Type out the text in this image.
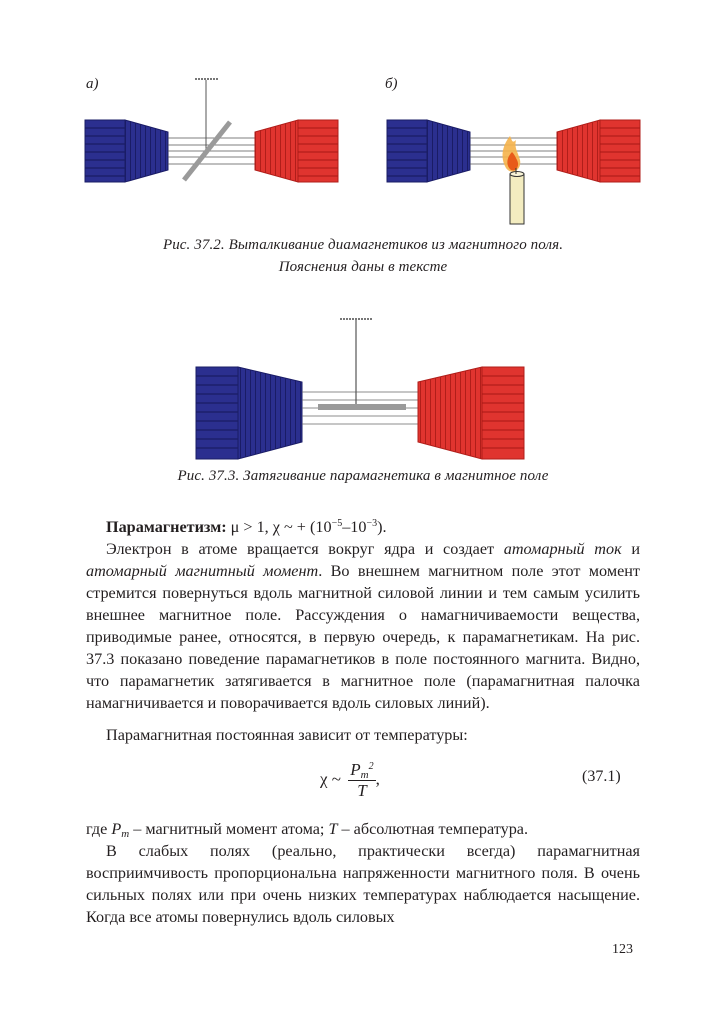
а)	б)
Рис. 37.2. Выталкивание диамагнетиков из магнитного поля.
Пояснения даны в тексте
Рис. 37.3. Затягивание парамагнетика в магнитное поле
Парамагнетизм: μ > 1, χ ~ + $(10^{-5}-10^{-3})$.
Электрон в атоме вращается вокруг ядра и создает атомарный ток и атомарный магнитный момент. Во внешнем магнитном поле этот момент стремится повернуться вдоль магнитной силовой линии и тем самым усилить внешнее магнитное поле. Рассуждения о намагничиваемости вещества, приводимые ранее, относятся, в первую очередь, к парамагнетикам. На рис. 37.3 показано поведение парамагнетиков в поле постоянного магнита. Видно, что парамагнетик затягивается в магнитное поле (парамагнитная палочка намагничивается и поворачивается вдоль силовых линий).
Парамагнитная постоянная зависит от температуры:
χ ~ $\frac{P_m^2}{T}$ ,	(37.1)
где $P_m$ – магнитный момент атома; T – абсолютная температура.
В слабых полях (реально, практически всегда) парамагнитная восприимчивость пропорциональна напряженности магнитного поля. В очень сильных полях или при очень низких температурах наблюдается насыщение. Когда все атомы повернулись вдоль силовых
123
